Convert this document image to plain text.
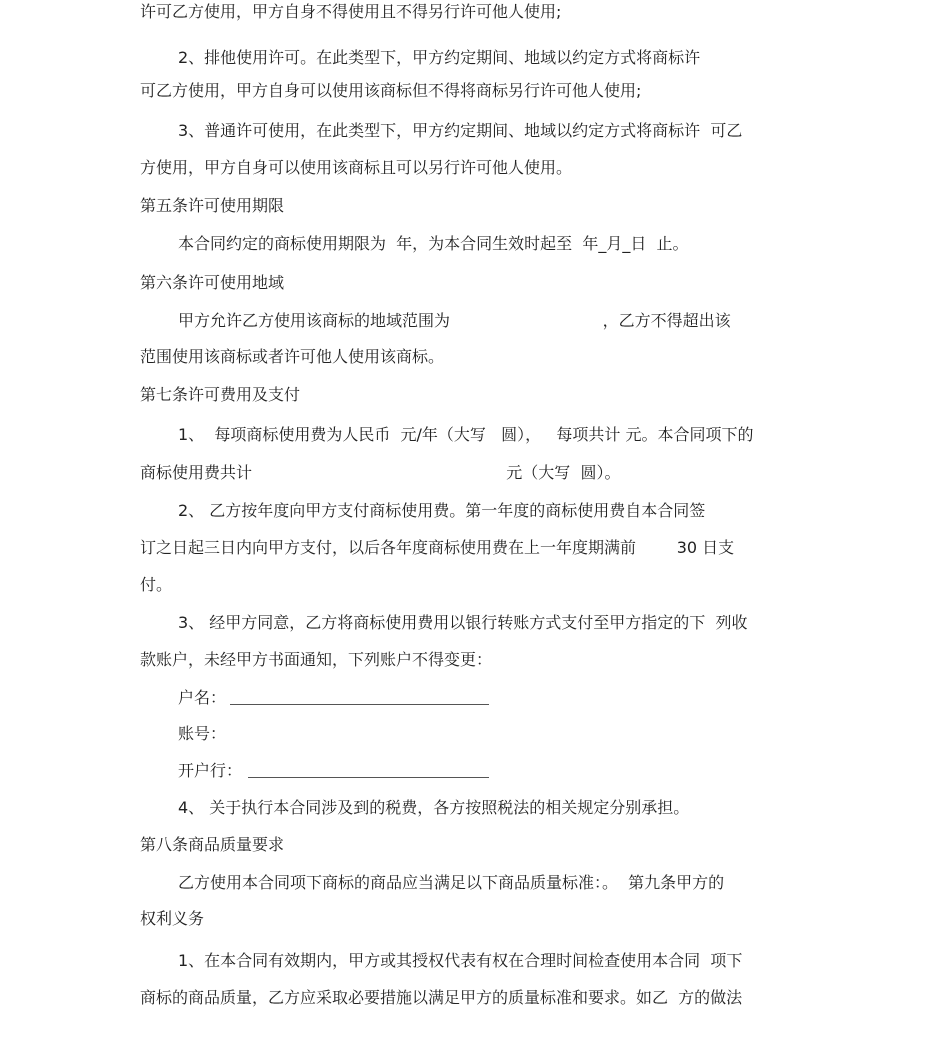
许可乙方使用，甲方自身不得使用且不得另行许可他人使用;
2、排他使用许可。在此类型下，甲方约定期间、地域以约定方式将商标许
可乙方使用，甲方自身可以使用该商标但不得将商标另行许可他人使用;
3、普通许可使用，在此类型下，甲方约定期间、地域以约定方式将商标许  可乙
方使用，甲方自身可以使用该商标且可以另行许可他人使用。
第五条许可使用期限
本合同约定的商标使用期限为  年，为本合同生效时起至  年_月_日  止。
第六条许可使用地域
甲方允许乙方使用该商标的地域范围为                              ，乙方不得超出该
范围使用该商标或者许可他人使用该商标。
第七条许可费用及支付
1、  每项商标使用费为人民币  元/年（大写   圆），   每项共计 元。本合同项下的
商标使用费共计                                                  元（大写  圆）。
2、 乙方按年度向甲方支付商标使用费。第一年度的商标使用费自本合同签
订之日起三日内向甲方支付，以后各年度商标使用费在上一年度期满前        30 日支
付。
3、 经甲方同意，乙方将商标使用费用以银行转账方式支付至甲方指定的下  列收
款账户，未经甲方书面通知，下列账户不得变更：
户名：
账号：
开户行：
4、 关于执行本合同涉及到的税费，各方按照税法的相关规定分别承担。
第八条商品质量要求
乙方使用本合同项下商标的商品应当满足以下商品质量标准：。  第九条甲方的
权利义务
1、在本合同有效期内，甲方或其授权代表有权在合理时间检查使用本合同  项下
商标的商品质量，乙方应采取必要措施以满足甲方的质量标准和要求。如乙  方的做法
